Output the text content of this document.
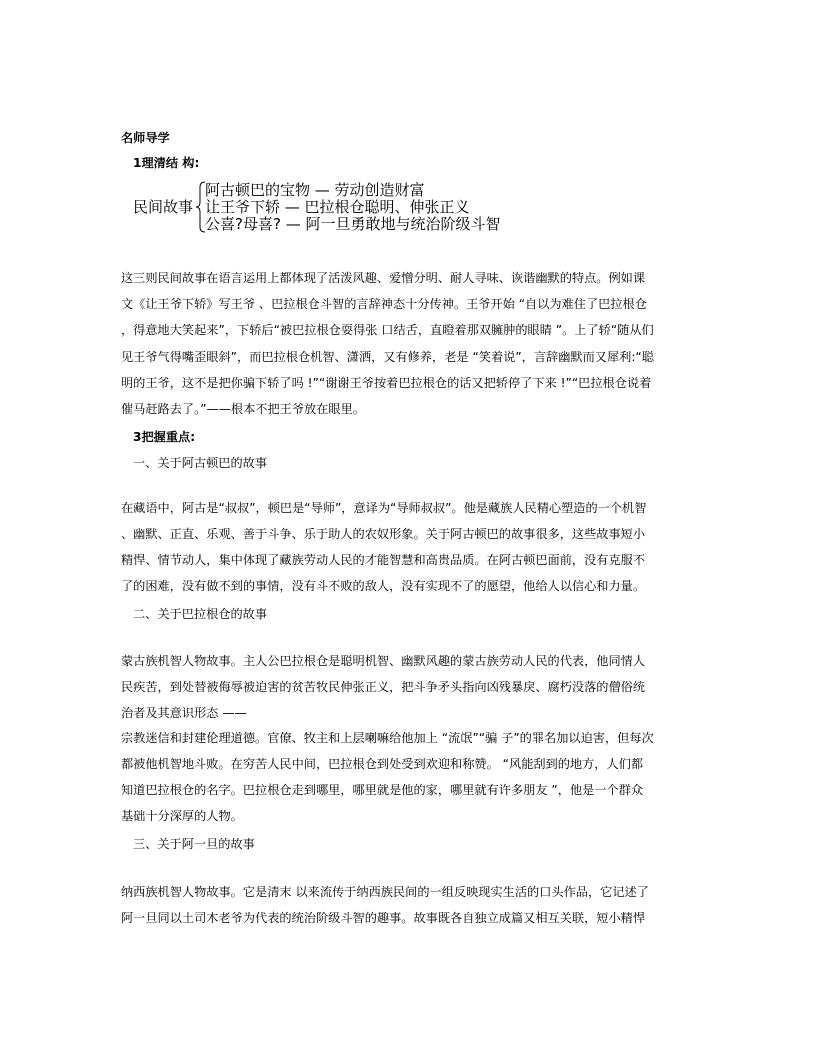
名师导学
1理清结 构:
民间故事
阿古顿巴的宝物 — 劳动创造财富
让王爷下轿 — 巴拉根仓聪明、伸张正义
公喜?母喜? — 阿一旦勇敢地与统治阶级斗智
这三则民间故事在语言运用上都体现了活泼风趣、爱憎分明、耐人寻味、诙谐幽默的特点。例如课
文《让王爷下轿》写王爷 、巴拉根仓斗智的言辞神态十分传神。王爷开始 “自以为难住了巴拉根仓
，得意地大笑起来”，下轿后“被巴拉根仓耍得张 口结舌，直瞪着那双臃肿的眼睛 ”。上了轿“随从们
见王爷气得嘴歪眼斜”，而巴拉根仓机智、潇洒，又有修养，老是 “笑着说”，言辞幽默而又犀利:“聪
明的王爷，这不是把你骗下轿了吗 !”“谢谢王爷按着巴拉根仓的话又把轿停了下来 !”“巴拉根仓说着
催马赶路去了。”——根本不把王爷放在眼里。
3把握重点:
一、关于阿古顿巴的故事
在藏语中，阿古是“叔叔”，顿巴是“导师”，意译为“导师叔叔”。他是藏族人民精心塑造的一个机智
、幽默、正直、乐观、善于斗争、乐于助人的农奴形象。关于阿古顿巴的故事很多，这些故事短小
精悍、情节动人，集中体现了藏族劳动人民的才能智慧和高贵品质。在阿古顿巴面前，没有克服不
了的困难，没有做不到的事情，没有斗不败的敌人，没有实现不了的愿望，他给人以信心和力量。
二、关于巴拉根仓的故事
蒙古族机智人物故事。主人公巴拉根仓是聪明机智、幽默风趣的蒙古族劳动人民的代表，他同情人
民疾苦，到处替被侮辱被迫害的贫苦牧民伸张正义，把斗争矛头指向凶残暴戾、腐朽没落的僧俗统
治者及其意识形态 ——
宗教迷信和封建伦理道德。官僚、牧主和上层喇嘛给他加上 “流氓”“骗 子”的罪名加以迫害，但每次
都被他机智地斗败。在穷苦人民中间，巴拉根仓到处受到欢迎和称赞。 “风能刮到的地方，人们都
知道巴拉根仓的名字。巴拉根仓走到哪里，哪里就是他的家，哪里就有许多朋友 ”，他是一个群众
基础十分深厚的人物。
三、关于阿一旦的故事
纳西族机智人物故事。它是清末 以来流传于纳西族民间的一组反映现实生活的口头作品，它记述了
阿一旦同以土司木老爷为代表的统治阶级斗智的趣事。故事既各自独立成篇又相互关联，短小精悍
